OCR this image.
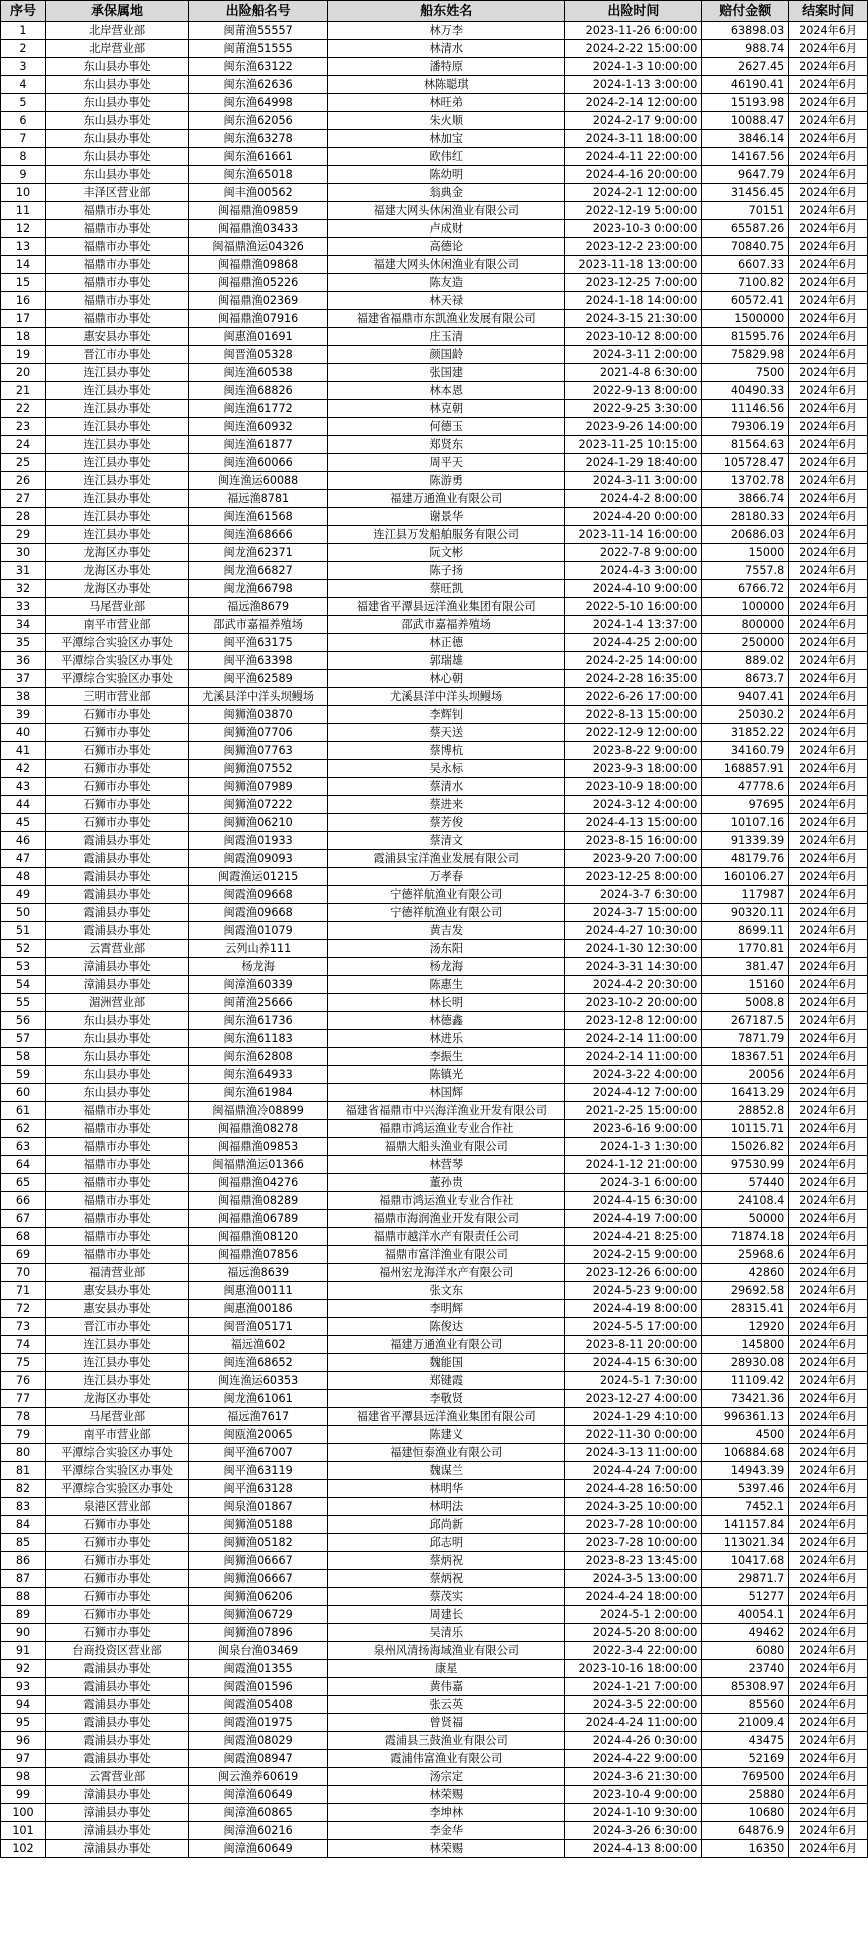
序号	承保属地	出险船名号	船东姓名	出险时间	赔付金额	结案时间
1	北岸营业部	闽莆渔55557	林万李	2023-11-26 6:00:00	63898.03	2024年6月
2	北岸营业部	闽莆渔51555	林清水	2024-2-22 15:00:00	988.74	2024年6月
3	东山县办事处	闽东渔63122	潘特原	2024-1-3 10:00:00	2627.45	2024年6月
4	东山县办事处	闽东渔62636	林陈聪琪	2024-1-13 3:00:00	46190.41	2024年6月
5	东山县办事处	闽东渔64998	林旺弟	2024-2-14 12:00:00	15193.98	2024年6月
6	东山县办事处	闽东渔62056	朱火顺	2024-2-17 9:00:00	10088.47	2024年6月
7	东山县办事处	闽东渔63278	林加宝	2024-3-11 18:00:00	3846.14	2024年6月
8	东山县办事处	闽东渔61661	欧伟红	2024-4-11 22:00:00	14167.56	2024年6月
9	东山县办事处	闽东渔65018	陈幼明	2024-4-16 20:00:00	9647.79	2024年6月
10	丰泽区营业部	闽丰渔00562	翁典金	2024-2-1 12:00:00	31456.45	2024年6月
11	福鼎市办事处	闽福鼎渔09859	福建大网头休闲渔业有限公司	2022-12-19 5:00:00	70151	2024年6月
12	福鼎市办事处	闽福鼎渔03433	卢成财	2023-10-3 0:00:00	65587.26	2024年6月
13	福鼎市办事处	闽福鼎渔运04326	高德论	2023-12-2 23:00:00	70840.75	2024年6月
14	福鼎市办事处	闽福鼎渔09868	福建大网头休闲渔业有限公司	2023-11-18 13:00:00	6607.33	2024年6月
15	福鼎市办事处	闽福鼎渔05226	陈友造	2023-12-25 7:00:00	7100.82	2024年6月
16	福鼎市办事处	闽福鼎渔02369	林天禄	2024-1-18 14:00:00	60572.41	2024年6月
17	福鼎市办事处	闽福鼎渔07916	福建省福鼎市东凯渔业发展有限公司	2024-3-15 21:30:00	1500000	2024年6月
18	惠安县办事处	闽惠渔01691	庄玉清	2023-10-12 8:00:00	81595.76	2024年6月
19	晋江市办事处	闽晋渔05328	颜国龄	2024-3-11 2:00:00	75829.98	2024年6月
20	连江县办事处	闽连渔60538	张国建	2021-4-8 6:30:00	7500	2024年6月
21	连江县办事处	闽连渔68826	林本恩	2022-9-13 8:00:00	40490.33	2024年6月
22	连江县办事处	闽连渔61772	林克朝	2022-9-25 3:30:00	11146.56	2024年6月
23	连江县办事处	闽连渔60932	何德玉	2023-9-26 14:00:00	79306.19	2024年6月
24	连江县办事处	闽连渔61877	郑贤东	2023-11-25 10:15:00	81564.63	2024年6月
25	连江县办事处	闽连渔60066	周平天	2024-1-29 18:40:00	105728.47	2024年6月
26	连江县办事处	闽连渔运60088	陈游勇	2024-3-11 3:00:00	13702.78	2024年6月
27	连江县办事处	福远渔8781	福建万通渔业有限公司	2024-4-2 8:00:00	3866.74	2024年6月
28	连江县办事处	闽连渔61568	谢景华	2024-4-20 0:00:00	28180.33	2024年6月
29	连江县办事处	闽连渔68666	连江县万发船舶服务有限公司	2023-11-14 16:00:00	20686.03	2024年6月
30	龙海区办事处	闽龙渔62371	阮文彬	2022-7-8 9:00:00	15000	2024年6月
31	龙海区办事处	闽龙渔66827	陈子扬	2024-4-3 3:00:00	7557.8	2024年6月
32	龙海区办事处	闽龙渔66798	蔡旺凯	2024-4-10 9:00:00	6766.72	2024年6月
33	马尾营业部	福远渔8679	福建省平潭县远洋渔业集团有限公司	2022-5-10 16:00:00	100000	2024年6月
34	南平市营业部	邵武市嘉福养殖场	邵武市嘉福养殖场	2024-1-4 13:37:00	800000	2024年6月
35	平潭综合实验区办事处	闽平渔63175	林正德	2024-4-25 2:00:00	250000	2024年6月
36	平潭综合实验区办事处	闽平渔63398	郭瑞雄	2024-2-25 14:00:00	889.02	2024年6月
37	平潭综合实验区办事处	闽平渔62589	林心朝	2024-2-28 16:35:00	8673.7	2024年6月
38	三明市营业部	尤溪县洋中洋头坝鳗场	尤溪县洋中洋头坝鳗场	2022-6-26 17:00:00	9407.41	2024年6月
39	石狮市办事处	闽狮渔03870	李辉钊	2022-8-13 15:00:00	25030.2	2024年6月
40	石狮市办事处	闽狮渔07706	蔡天送	2022-12-9 12:00:00	31852.22	2024年6月
41	石狮市办事处	闽狮渔07763	蔡博杭	2023-8-22 9:00:00	34160.79	2024年6月
42	石狮市办事处	闽狮渔07552	吴永标	2023-9-3 18:00:00	168857.91	2024年6月
43	石狮市办事处	闽狮渔07989	蔡清水	2023-10-9 18:00:00	47778.6	2024年6月
44	石狮市办事处	闽狮渔07222	蔡进来	2024-3-12 4:00:00	97695	2024年6月
45	石狮市办事处	闽狮渔06210	蔡芳俊	2024-4-13 15:00:00	10107.16	2024年6月
46	霞浦县办事处	闽霞渔01933	蔡清文	2023-8-15 16:00:00	91339.39	2024年6月
47	霞浦县办事处	闽霞渔09093	霞浦县宝洋渔业发展有限公司	2023-9-20 7:00:00	48179.76	2024年6月
48	霞浦县办事处	闽霞渔运01215	万孝春	2023-12-25 8:00:00	160106.27	2024年6月
49	霞浦县办事处	闽霞渔09668	宁德祥航渔业有限公司	2024-3-7 6:30:00	117987	2024年6月
50	霞浦县办事处	闽霞渔09668	宁德祥航渔业有限公司	2024-3-7 15:00:00	90320.11	2024年6月
51	霞浦县办事处	闽霞渔01079	黄吉发	2024-4-27 10:30:00	8699.11	2024年6月
52	云霄营业部	云列山养111	汤东阳	2024-1-30 12:30:00	1770.81	2024年6月
53	漳浦县办事处	杨龙海	杨龙海	2024-3-31 14:30:00	381.47	2024年6月
54	漳浦县办事处	闽漳渔60339	陈惠生	2024-4-2 20:30:00	15160	2024年6月
55	湄洲营业部	闽莆渔25666	林长明	2023-10-2 20:00:00	5008.8	2024年6月
56	东山县办事处	闽东渔61736	林德鑫	2023-12-8 12:00:00	267187.5	2024年6月
57	东山县办事处	闽东渔61183	林进乐	2024-2-14 11:00:00	7871.79	2024年6月
58	东山县办事处	闽东渔62808	李振生	2024-2-14 11:00:00	18367.51	2024年6月
59	东山县办事处	闽东渔64933	陈镇光	2024-3-22 4:00:00	20056	2024年6月
60	东山县办事处	闽东渔61984	林国辉	2024-4-12 7:00:00	16413.29	2024年6月
61	福鼎市办事处	闽福鼎渔冷08899	福建省福鼎市中兴海洋渔业开发有限公司	2021-2-25 15:00:00	28852.8	2024年6月
62	福鼎市办事处	闽福鼎渔08278	福鼎市鸿运渔业专业合作社	2023-6-16 9:00:00	10115.71	2024年6月
63	福鼎市办事处	闽福鼎渔09853	福鼎大船头渔业有限公司	2024-1-3 1:30:00	15026.82	2024年6月
64	福鼎市办事处	闽福鼎渔运01366	林营琴	2024-1-12 21:00:00	97530.99	2024年6月
65	福鼎市办事处	闽福鼎渔04276	董孙贵	2024-3-1 6:00:00	57440	2024年6月
66	福鼎市办事处	闽福鼎渔08289	福鼎市鸿运渔业专业合作社	2024-4-15 6:30:00	24108.4	2024年6月
67	福鼎市办事处	闽福鼎渔06789	福鼎市海润渔业开发有限公司	2024-4-19 7:00:00	50000	2024年6月
68	福鼎市办事处	闽福鼎渔08120	福鼎市越洋水产有限责任公司	2024-4-21 8:25:00	71874.18	2024年6月
69	福鼎市办事处	闽福鼎渔07856	福鼎市富洋渔业有限公司	2024-2-15 9:00:00	25968.6	2024年6月
70	福清营业部	福远渔8639	福州宏龙海洋水产有限公司	2023-12-26 6:00:00	42860	2024年6月
71	惠安县办事处	闽惠渔00111	张文东	2024-5-23 9:00:00	29692.58	2024年6月
72	惠安县办事处	闽惠渔00186	李明辉	2024-4-19 8:00:00	28315.41	2024年6月
73	晋江市办事处	闽晋渔05171	陈俊达	2024-5-5 17:00:00	12920	2024年6月
74	连江县办事处	福远渔602	福建万通渔业有限公司	2023-8-11 20:00:00	145800	2024年6月
75	连江县办事处	闽连渔68652	魏能国	2024-4-15 6:30:00	28930.08	2024年6月
76	连江县办事处	闽连渔运60353	郑键霞	2024-5-1 7:30:00	11109.42	2024年6月
77	龙海区办事处	闽龙渔61061	李敬贤	2023-12-27 4:00:00	73421.36	2024年6月
78	马尾营业部	福远渔7617	福建省平潭县远洋渔业集团有限公司	2024-1-29 4:10:00	996361.13	2024年6月
79	南平市营业部	闽瓯渔20065	陈建义	2022-11-30 0:00:00	4500	2024年6月
80	平潭综合实验区办事处	闽平渔67007	福建恒泰渔业有限公司	2024-3-13 11:00:00	106884.68	2024年6月
81	平潭综合实验区办事处	闽平渔63119	魏谋兰	2024-4-24 7:00:00	14943.39	2024年6月
82	平潭综合实验区办事处	闽平渔63128	林明华	2024-4-28 16:50:00	5397.46	2024年6月
83	泉港区营业部	闽泉渔01867	林明法	2024-3-25 10:00:00	7452.1	2024年6月
84	石狮市办事处	闽狮渔05188	邱尚新	2023-7-28 10:00:00	141157.84	2024年6月
85	石狮市办事处	闽狮渔05182	邱志明	2023-7-28 10:00:00	113021.34	2024年6月
86	石狮市办事处	闽狮渔06667	蔡炳祝	2023-8-23 13:45:00	10417.68	2024年6月
87	石狮市办事处	闽狮渔06667	蔡炳祝	2024-3-5 13:00:00	29871.7	2024年6月
88	石狮市办事处	闽狮渔06206	蔡茂实	2024-4-24 18:00:00	51277	2024年6月
89	石狮市办事处	闽狮渔06729	周建长	2024-5-1 2:00:00	40054.1	2024年6月
90	石狮市办事处	闽狮渔07896	吴清乐	2024-5-20 8:00:00	49462	2024年6月
91	台商投资区营业部	闽泉台渔03469	泉州风清扬海域渔业有限公司	2022-3-4 22:00:00	6080	2024年6月
92	霞浦县办事处	闽霞渔01355	康星	2023-10-16 18:00:00	23740	2024年6月
93	霞浦县办事处	闽霞渔01596	黄伟嘉	2024-1-21 7:00:00	85308.97	2024年6月
94	霞浦县办事处	闽霞渔05408	张云英	2024-3-5 22:00:00	85560	2024年6月
95	霞浦县办事处	闽霞渔01975	曾贤福	2024-4-24 11:00:00	21009.4	2024年6月
96	霞浦县办事处	闽霞渔08029	霞浦县三鼓渔业有限公司	2024-4-26 0:30:00	43475	2024年6月
97	霞浦县办事处	闽霞渔08947	霞浦伟富渔业有限公司	2024-4-22 9:00:00	52169	2024年6月
98	云霄营业部	闽云渔养60619	汤宗定	2024-3-6 21:30:00	769500	2024年6月
99	漳浦县办事处	闽漳渔60649	林荣赐	2023-10-4 9:00:00	25880	2024年6月
100	漳浦县办事处	闽漳渔60865	李坤林	2024-1-10 9:30:00	10680	2024年6月
101	漳浦县办事处	闽漳渔60216	李金华	2024-3-26 6:30:00	64876.9	2024年6月
102	漳浦县办事处	闽漳渔60649	林荣赐	2024-4-13 8:00:00	16350	2024年6月
